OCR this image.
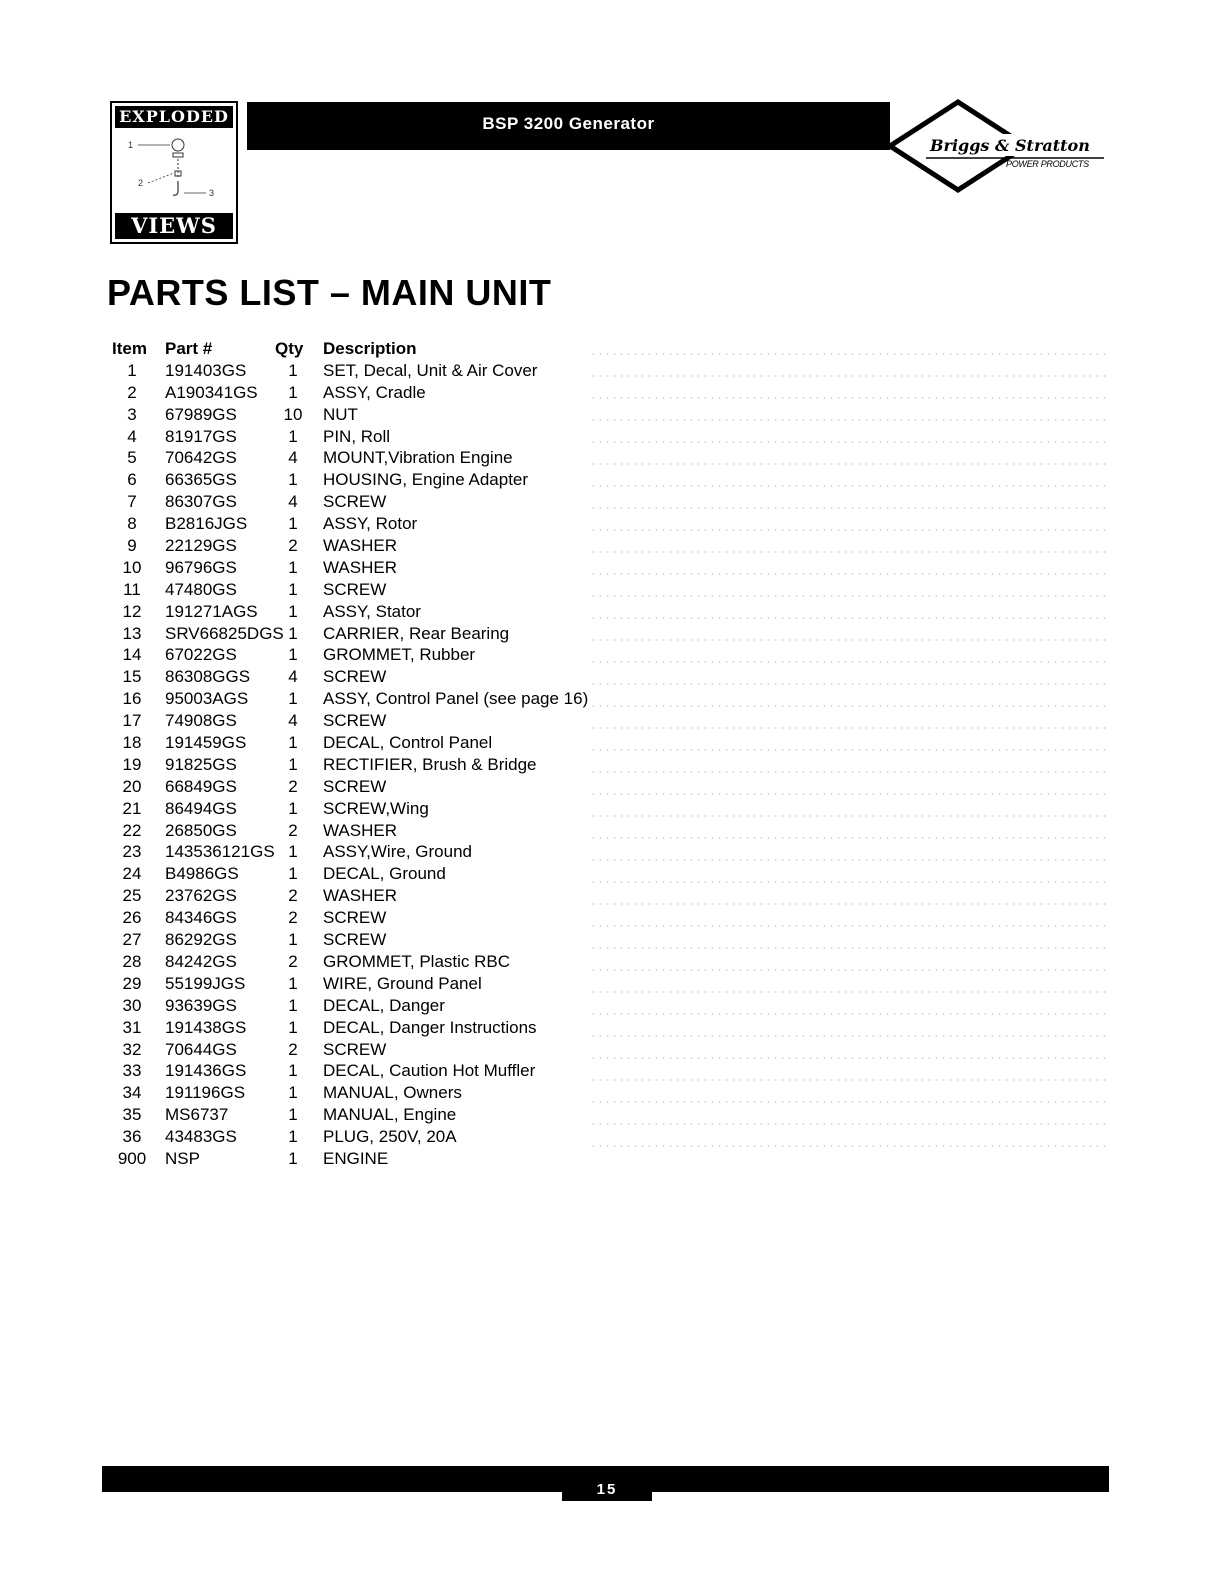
EXPLODED
1
2
3
VIEWS
BSP 3200 Generator
Briggs & Stratton
POWER PRODUCTS
PARTS LIST – MAIN UNIT
Item Part #	Qty Description
1	191403GS	1	SET, Decal, Unit & Air Cover
2	A190341GS	1	ASSY, Cradle
3	67989GS	10	NUT
4	81917GS	1	PIN, Roll
5	70642GS	4	MOUNT,Vibration Engine
6	66365GS	1	HOUSING, Engine Adapter
7	86307GS	4	SCREW
8	B2816JGS	1	ASSY, Rotor
9	22129GS	2	WASHER
10	96796GS	1	WASHER
11	47480GS	1	SCREW
12	191271AGS	1	ASSY, Stator
13	SRV66825DGS 1	CARRIER, Rear Bearing
14	67022GS	1	GROMMET, Rubber
15	86308GGS	4	SCREW
16	95003AGS	1	ASSY, Control Panel (see page 16)
17	74908GS	4	SCREW
18	191459GS	1	DECAL, Control Panel
19	91825GS	1	RECTIFIER, Brush & Bridge
20	66849GS	2	SCREW
21	86494GS	1	SCREW,Wing
22	26850GS	2	WASHER
23	143536121GS 1	ASSY,Wire, Ground
24	B4986GS	1	DECAL, Ground
25	23762GS	2	WASHER
26	84346GS	2	SCREW
27	86292GS	1	SCREW
28	84242GS	2	GROMMET, Plastic RBC
29	55199JGS	1	WIRE, Ground Panel
30	93639GS	1	DECAL, Danger
31	191438GS	1	DECAL, Danger Instructions
32	70644GS	2	SCREW
33	191436GS	1	DECAL, Caution Hot Muffler
34	191196GS	1	MANUAL, Owners
35	MS6737	1	MANUAL, Engine
36	43483GS	1	PLUG, 250V, 20A
900	NSP	1	ENGINE
15
